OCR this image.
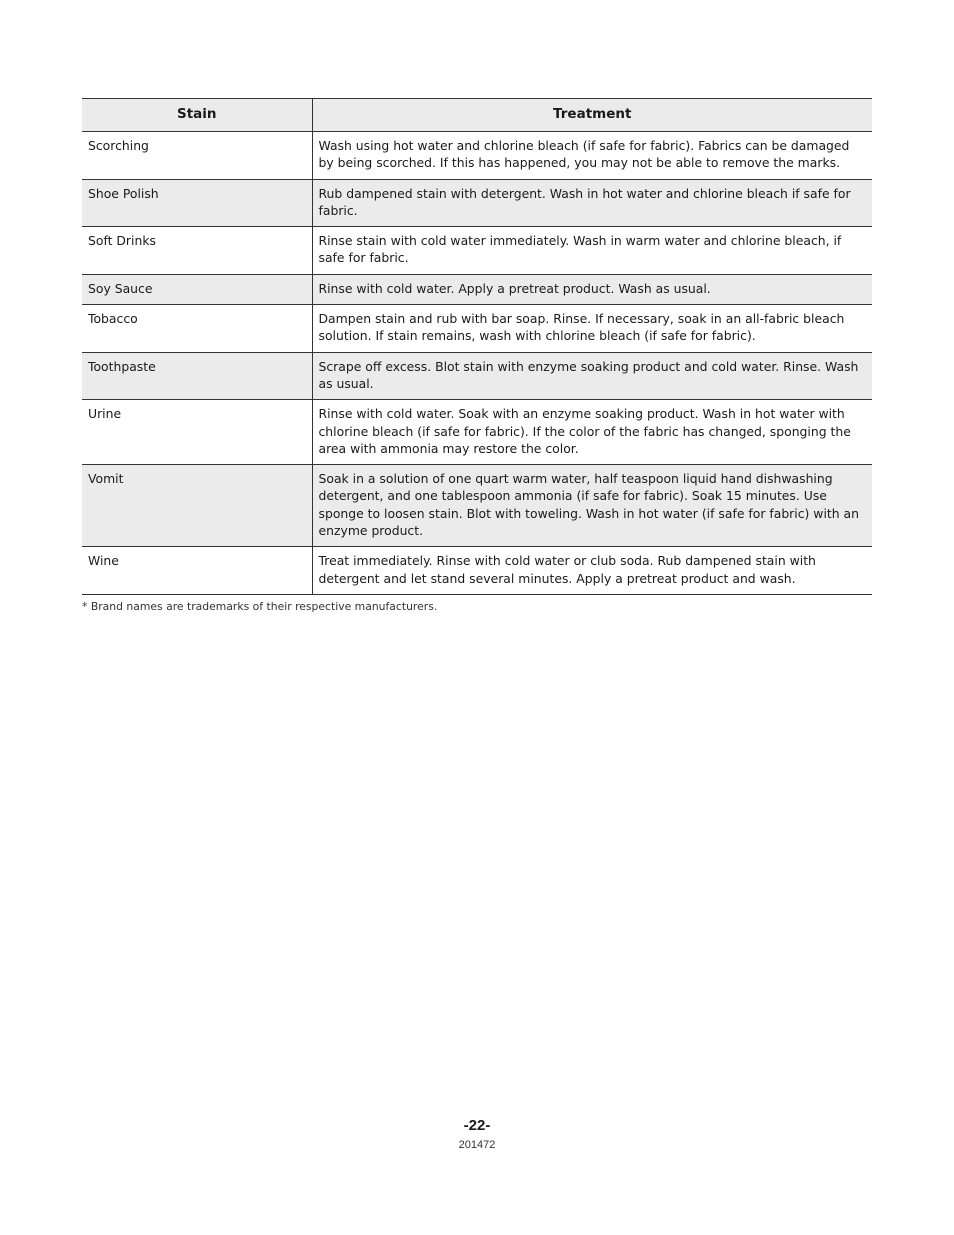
Stain	Treatment
Scorching	Wash using hot water and chlorine bleach (if safe for fabric). Fabrics can be damaged by being scorched. If this has happened, you may not be able to remove the marks.
Shoe Polish	Rub dampened stain with detergent. Wash in hot water and chlorine bleach if safe for fabric.
Soft Drinks	Rinse stain with cold water immediately. Wash in warm water and chlorine bleach, if safe for fabric.
Soy Sauce	Rinse with cold water. Apply a pretreat product. Wash as usual.
Tobacco	Dampen stain and rub with bar soap. Rinse. If necessary, soak in an all-fabric bleach solution. If stain remains, wash with chlorine bleach (if safe for fabric).
Toothpaste	Scrape off excess. Blot stain with enzyme soaking product and cold water. Rinse. Wash as usual.
Urine	Rinse with cold water. Soak with an enzyme soaking product. Wash in hot water with chlorine bleach (if safe for fabric). If the color of the fabric has changed, sponging the area with ammonia may restore the color.
Vomit	Soak in a solution of one quart warm water, half teaspoon liquid hand dishwashing detergent, and one tablespoon ammonia (if safe for fabric). Soak 15 minutes. Use sponge to loosen stain. Blot with toweling. Wash in hot water (if safe for fabric) with an enzyme product.
Wine	Treat immediately. Rinse with cold water or club soda. Rub dampened stain with detergent and let stand several minutes. Apply a pretreat product and wash.
* Brand names are trademarks of their respective manufacturers.
-22-
201472
